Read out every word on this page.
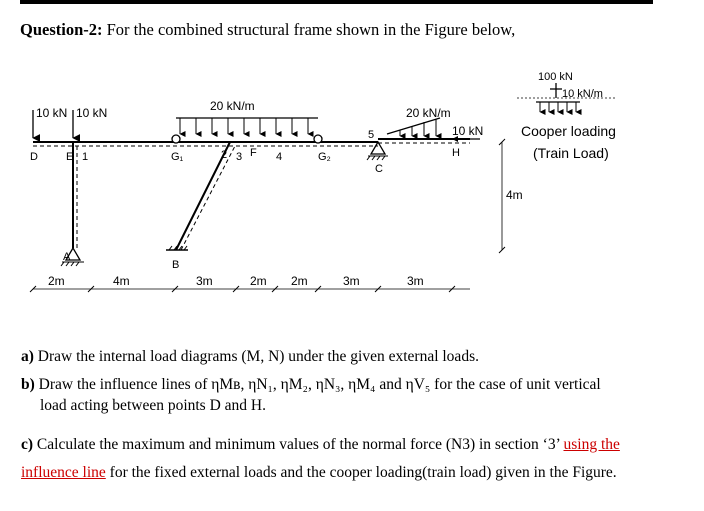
Question-2: For the combined structural frame shown in the Figure below,
10 kN 10 kN	20 kN/m	20 kN/m
10 kN
D	E 1	G₁	2 3 F 4	G₂
5
C
H
A
B
2m	4m	3m	2m 2m	3m	3m
4m
100 kN
10 kN/m
Cooper loading
(Train Load)
a) Draw the internal load diagrams (M, N) under the given external loads.
b) Draw the influence lines of ηMʙ, ηN₁, ηM₂, ηN₃, ηM₄ and ηV₅ for the case of unit vertical
load acting between points D and H.
c) Calculate the maximum and minimum values of the normal force (N3) in section ‘3’ using the influence line for the fixed external loads and the cooper loading(train load) given in the Figure.
